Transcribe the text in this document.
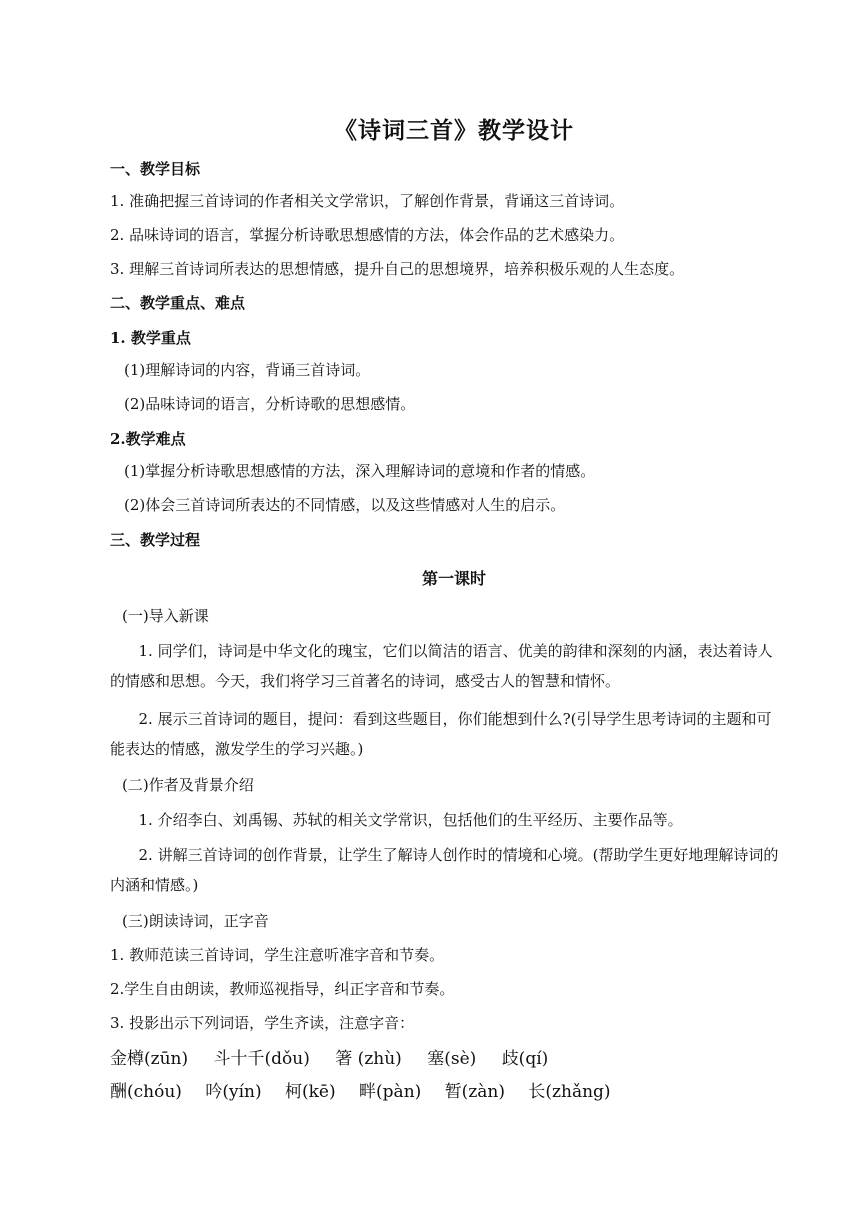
《诗词三首》教学设计
一、教学目标
1. 准确把握三首诗词的作者相关文学常识，了解创作背景，背诵这三首诗词。
2. 品味诗词的语言，掌握分析诗歌思想感情的方法，体会作品的艺术感染力。
3. 理解三首诗词所表达的思想情感，提升自己的思想境界，培养积极乐观的人生态度。
二、教学重点、难点
1. 教学重点
(1)理解诗词的内容，背诵三首诗词。
(2)品味诗词的语言，分析诗歌的思想感情。
2.教学难点
(1)掌握分析诗歌思想感情的方法，深入理解诗词的意境和作者的情感。
(2)体会三首诗词所表达的不同情感，以及这些情感对人生的启示。
三、教学过程
第一课时
(一)导入新课
1. 同学们，诗词是中华文化的瑰宝，它们以简洁的语言、优美的韵律和深刻的内涵，表达着诗人的情感和思想。今天，我们将学习三首著名的诗词，感受古人的智慧和情怀。
2. 展示三首诗词的题目，提问：看到这些题目，你们能想到什么?(引导学生思考诗词的主题和可能表达的情感，激发学生的学习兴趣。)
(二)作者及背景介绍
1. 介绍李白、刘禹锡、苏轼的相关文学常识，包括他们的生平经历、主要作品等。
2. 讲解三首诗词的创作背景，让学生了解诗人创作时的情境和心境。(帮助学生更好地理解诗词的内涵和情感。)
(三)朗读诗词，正字音
1. 教师范读三首诗词，学生注意听准字音和节奏。
2.学生自由朗读，教师巡视指导，纠正字音和节奏。
3. 投影出示下列词语，学生齐读，注意字音：
金樽(zūn) 斗十千(dǒu) 箸 (zhù) 塞(sè) 歧(qí)
酬(chóu) 吟(yín) 柯(kē) 畔(pàn) 暂(zàn) 长(zhǎng)
